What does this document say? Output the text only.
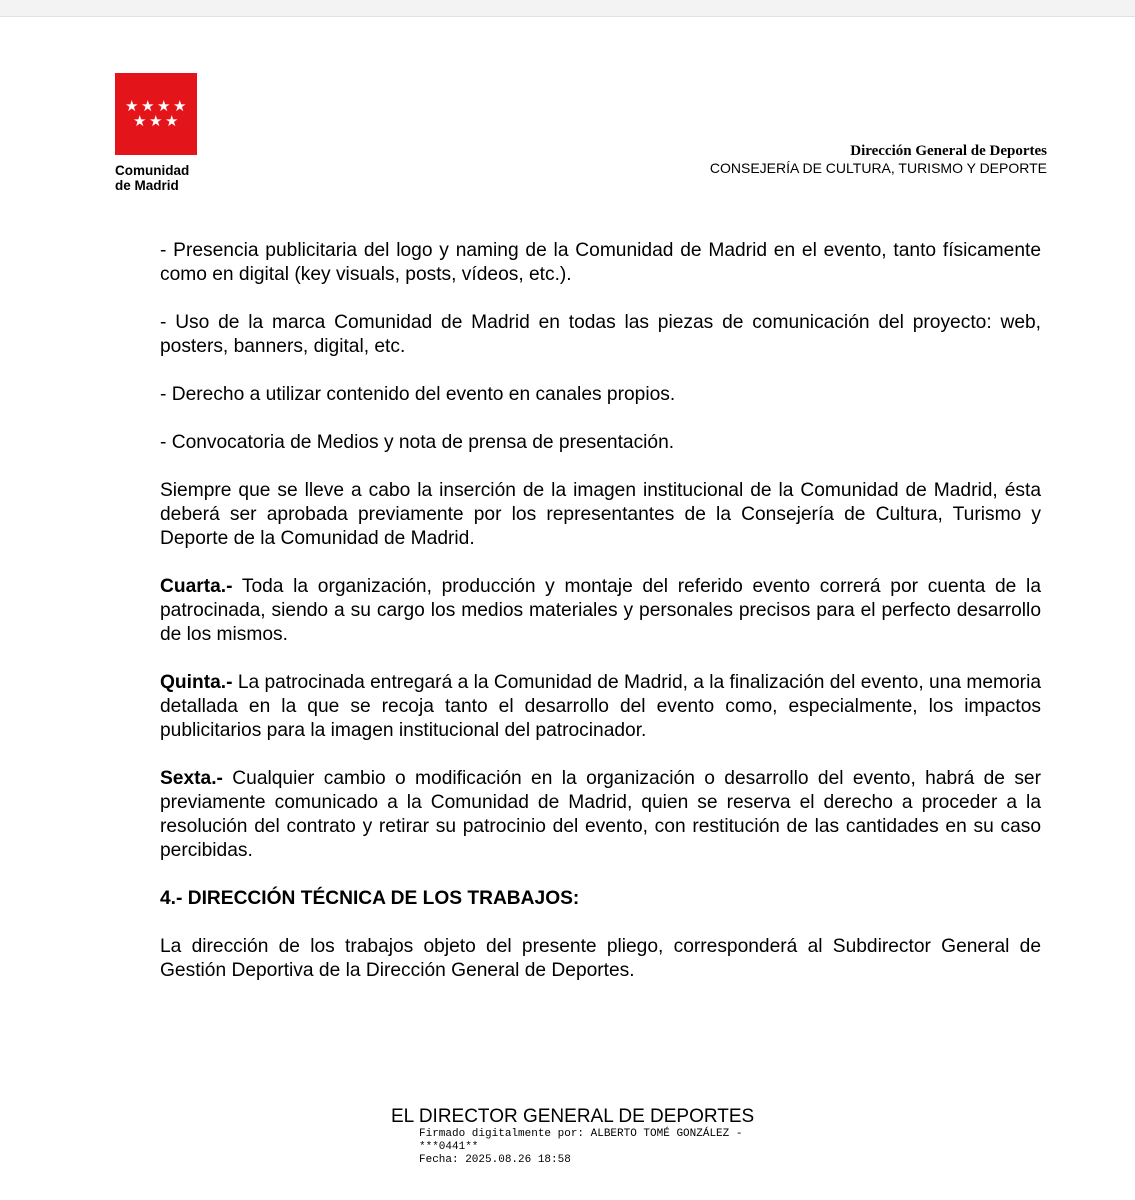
★ ★ ★ ★
★ ★ ★
Comunidad
de Madrid
Dirección General de Deportes
CONSEJERÍA DE CULTURA, TURISMO Y DEPORTE

- Presencia publicitaria del logo y naming de la Comunidad de Madrid en el evento, tanto físicamente como en digital (key visuals, posts, vídeos, etc.).

- Uso de la marca Comunidad de Madrid en todas las piezas de comunicación del proyecto: web, posters, banners, digital, etc.

- Derecho a utilizar contenido del evento en canales propios.

- Convocatoria de Medios y nota de prensa de presentación.

Siempre que se lleve a cabo la inserción de la imagen institucional de la Comunidad de Madrid, ésta deberá ser aprobada previamente por los representantes de la Consejería de Cultura, Turismo y Deporte de la Comunidad de Madrid.

Cuarta.- Toda la organización, producción y montaje del referido evento correrá por cuenta de la patrocinada, siendo a su cargo los medios materiales y personales precisos para el perfecto desarrollo de los mismos.

Quinta.- La patrocinada entregará a la Comunidad de Madrid, a la finalización del evento, una memoria detallada en la que se recoja tanto el desarrollo del evento como, especialmente, los impactos publicitarios para la imagen institucional del patrocinador.

Sexta.- Cualquier cambio o modificación en la organización o desarrollo del evento, habrá de ser previamente comunicado a la Comunidad de Madrid, quien se reserva el derecho a proceder a la resolución del contrato y retirar su patrocinio del evento, con restitución de las cantidades en su caso percibidas.

4.- DIRECCIÓN TÉCNICA DE LOS TRABAJOS:

La dirección de los trabajos objeto del presente pliego, corresponderá al Subdirector General de Gestión Deportiva de la Dirección General de Deportes.

EL DIRECTOR GENERAL DE DEPORTES
Firmado digitalmente por: ALBERTO TOMÉ GONZÁLEZ -
***0441**
Fecha: 2025.08.26 18:58
